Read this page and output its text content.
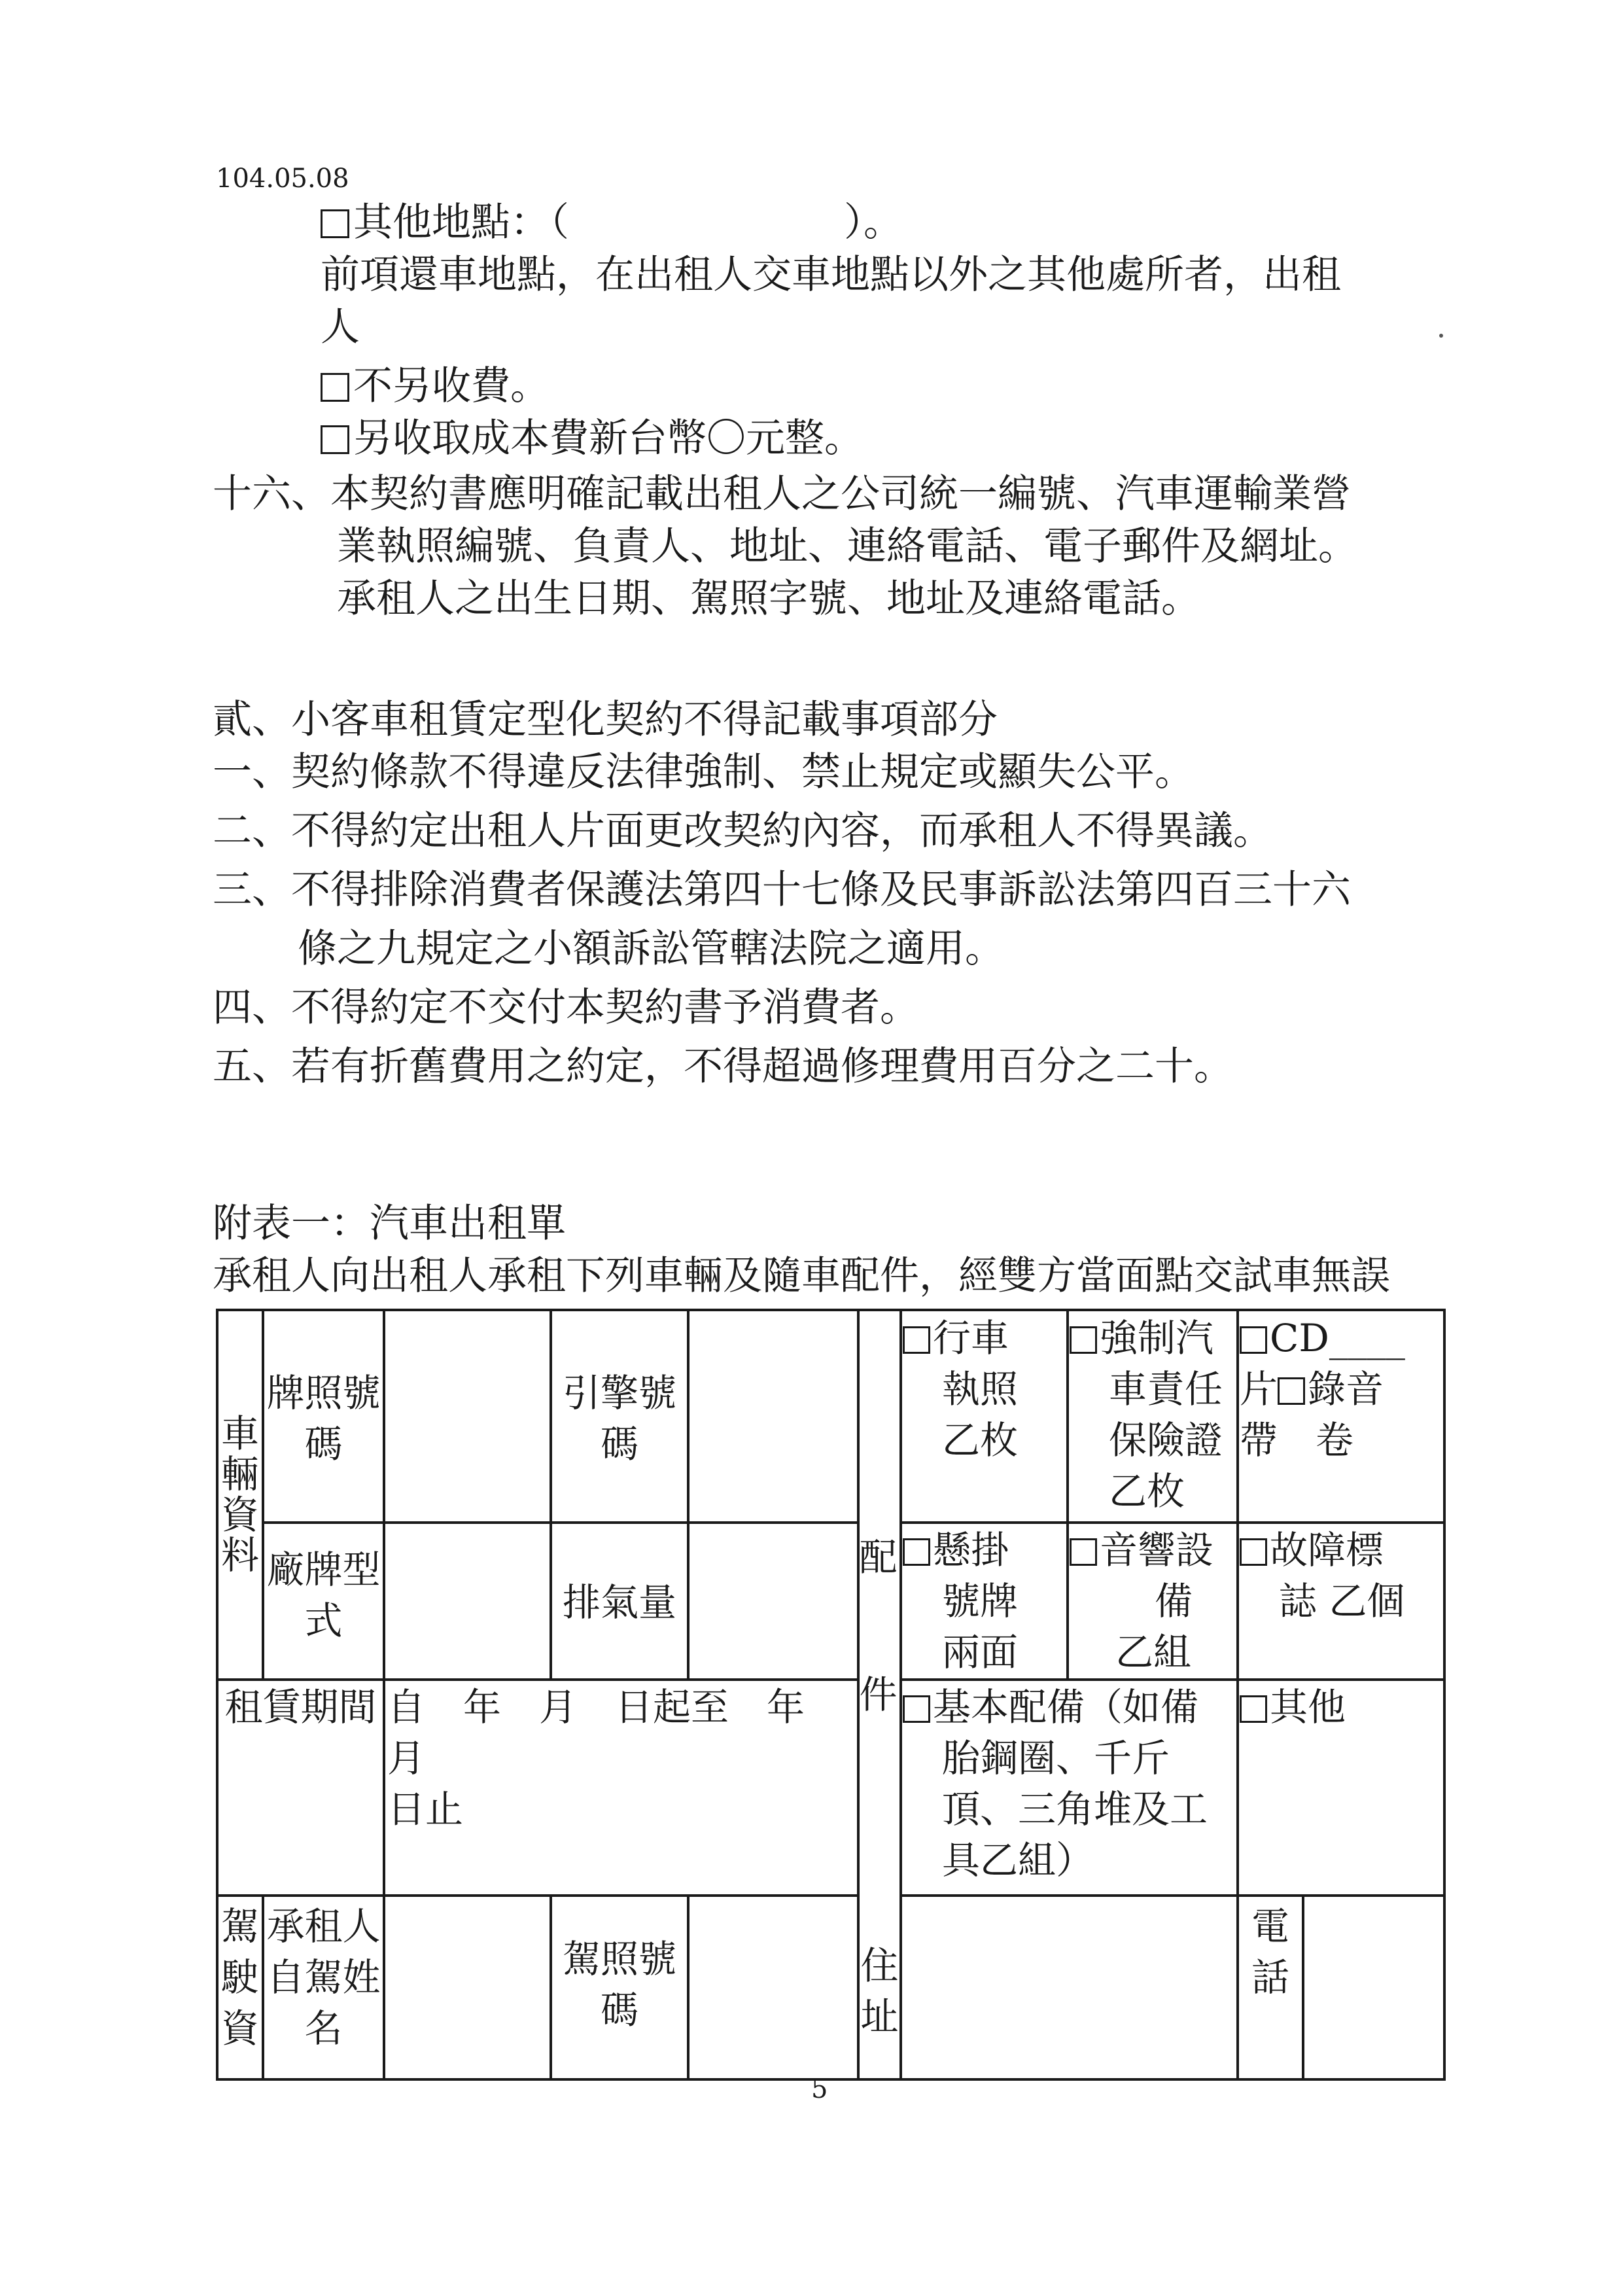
104.05.08
其他地點：（　　　　　　　）。
前項還車地點，在出租人交車地點以外之其他處所者，出租
人
不另收費。
另收取成本費新台幣〇元整。
十六、本契約書應明確記載出租人之公司統一編號、汽車運輸業營
業執照編號、負責人、地址、連絡電話、電子郵件及網址。
承租人之出生日期、駕照字號、地址及連絡電話。
貳、小客車租賃定型化契約不得記載事項部分
一、契約條款不得違反法律強制、禁止規定或顯失公平。
二、不得約定出租人片面更改契約內容，而承租人不得異議。
三、不得排除消費者保護法第四十七條及民事訴訟法第四百三十六
條之九規定之小額訴訟管轄法院之適用。
四、不得約定不交付本契約書予消費者。
五、若有折舊費用之約定，不得超過修理費用百分之二十。
附表一：汽車出租單
承租人向出租人承租下列車輛及隨車配件，經雙方當面點交試車無誤
車
輛
資
料
牌照號
碼
引擎號
碼
廠牌型
式	排氣量
配
件
行車
執照
乙枚
強制汽
車責任
保險證
乙枚
CD____
片 錄音
帶　卷
懸掛
號牌
兩面
音響設
備
乙組
故障標
誌 乙個
租賃期間 自　年　月　日起至　年　月
日止
基本配備（如備
胎鋼圈、千斤
頂、三角堆及工
具乙組）
其他
駕
駛
資
承租人
自駕姓
名
駕照號
碼
住
址
電
話
5
